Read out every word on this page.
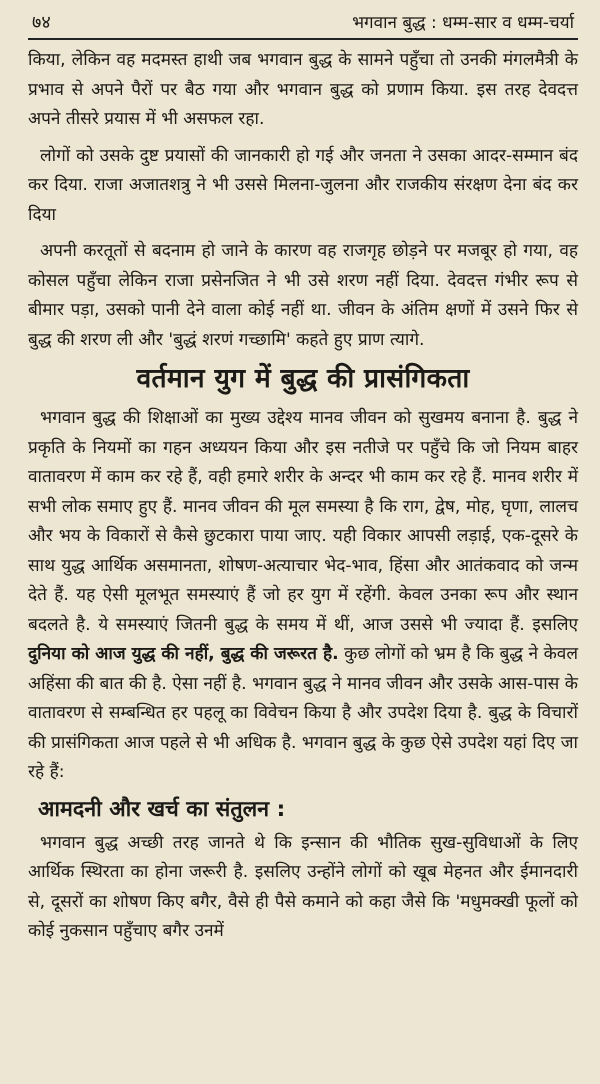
७४	भगवान बुद्ध : धम्म-सार व धम्म-चर्या

किया, लेकिन वह मदमस्त हाथी जब भगवान बुद्ध के सामने पहुँचा तो उनकी मंगलमैत्री के प्रभाव से अपने पैरों पर बैठ गया और भगवान बुद्ध को प्रणाम किया. इस तरह देवदत्त अपने तीसरे प्रयास में भी असफल रहा.

लोगों को उसके दुष्ट प्रयासों की जानकारी हो गई और जनता ने उसका आदर-सम्मान बंद कर दिया. राजा अजातशत्रु ने भी उससे मिलना-जुलना और राजकीय संरक्षण देना बंद कर दिया

अपनी करतूतों से बदनाम हो जाने के कारण वह राजगृह छोड़ने पर मजबूर हो गया, वह कोसल पहुँचा लेकिन राजा प्रसेनजित ने भी उसे शरण नहीं दिया. देवदत्त गंभीर रूप से बीमार पड़ा, उसको पानी देने वाला कोई नहीं था. जीवन के अंतिम क्षणों में उसने फिर से बुद्ध की शरण ली और 'बुद्धं शरणं गच्छामि' कहते हुए प्राण त्यागे.

वर्तमान युग में बुद्ध की प्रासंगिकता

भगवान बुद्ध की शिक्षाओं का मुख्य उद्देश्य मानव जीवन को सुखमय बनाना है. बुद्ध ने प्रकृति के नियमों का गहन अध्ययन किया और इस नतीजे पर पहुँचे कि जो नियम बाहर वातावरण में काम कर रहे हैं, वही हमारे शरीर के अन्दर भी काम कर रहे हैं. मानव शरीर में सभी लोक समाए हुए हैं. मानव जीवन की मूल समस्या है कि राग, द्वेष, मोह, घृणा, लालच और भय के विकारों से कैसे छुटकारा पाया जाए. यही विकार आपसी लड़ाई, एक-दूसरे के साथ युद्ध आर्थिक असमानता, शोषण-अत्याचार भेद-भाव, हिंसा और आतंकवाद को जन्म देते हैं. यह ऐसी मूलभूत समस्याएं हैं जो हर युग में रहेंगी. केवल उनका रूप और स्थान बदलते है. ये समस्याएं जितनी बुद्ध के समय में थीं, आज उससे भी ज्यादा हैं. इसलिए दुनिया को आज युद्ध की नहीं, बुद्ध की जरूरत है. कुछ लोगों को भ्रम है कि बुद्ध ने केवल अहिंसा की बात की है. ऐसा नहीं है. भगवान बुद्ध ने मानव जीवन और उसके आस-पास के वातावरण से सम्बन्धित हर पहलू का विवेचन किया है और उपदेश दिया है. बुद्ध के विचारों की प्रासंगिकता आज पहले से भी अधिक है. भगवान बुद्ध के कुछ ऐसे उपदेश यहां दिए जा रहे हैं:

आमदनी और खर्च का संतुलन :

भगवान बुद्ध अच्छी तरह जानते थे कि इन्सान की भौतिक सुख-सुविधाओं के लिए आर्थिक स्थिरता का होना जरूरी है. इसलिए उन्होंने लोगों को खूब मेहनत और ईमानदारी से, दूसरों का शोषण किए बगैर, वैसे ही पैसे कमाने को कहा जैसे कि 'मधुमक्खी फूलों को कोई नुकसान पहुँचाए बगैर उनमें
